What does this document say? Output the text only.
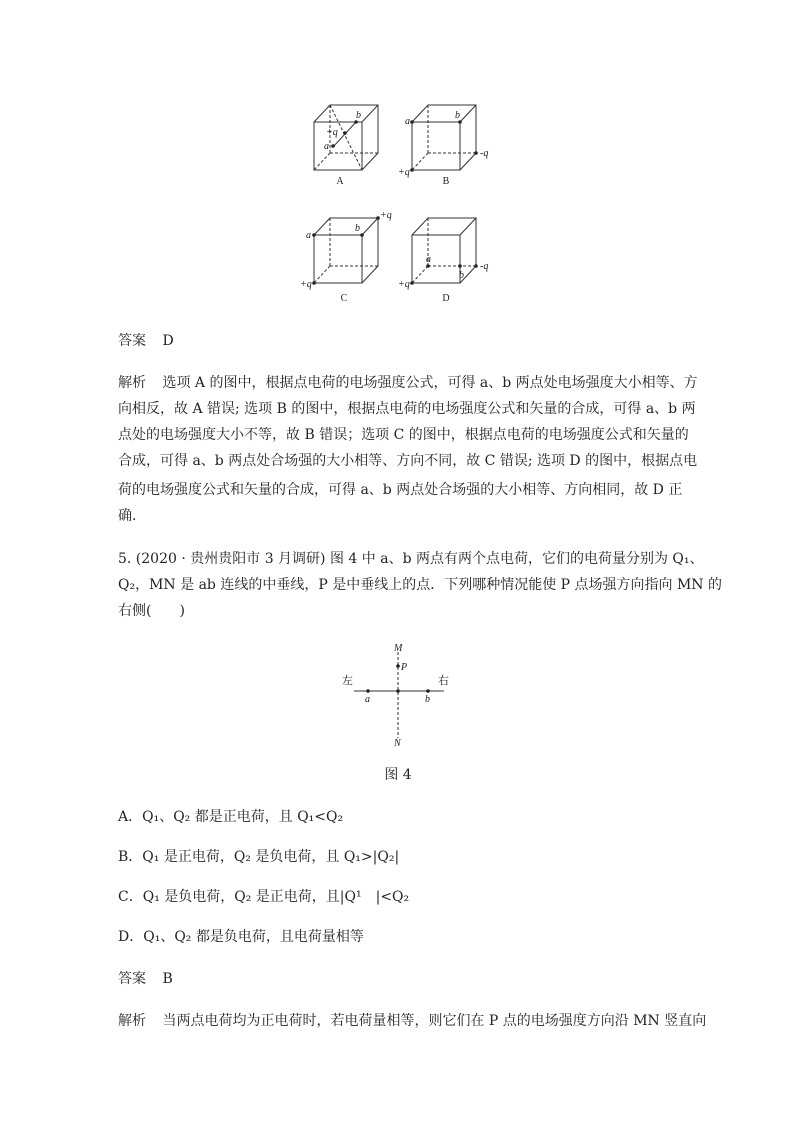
b
+q
a
A
a
b
+q
-q
B
+q
a
b
+q
C
a
b
+q
-q
D
答案 D
解析 选项 A 的图中，根据点电荷的电场强度公式，可得 a、b 两点处电场强度大小相等、方
向相反，故 A 错误; 选项 B 的图中，根据点电荷的电场强度公式和矢量的合成，可得 a、b 两
点处的电场强度大小不等，故 B 错误；选项 C 的图中，根据点电荷的电场强度公式和矢量的
合成，可得 a、b 两点处合场强的大小相等、方向不同，故 C 错误; 选项 D 的图中，根据点电
荷的电场强度公式和矢量的合成，可得 a、b 两点处合场强的大小相等、方向相同，故 D 正
确.
5. (2020 · 贵州贵阳市 3 月调研) 图 4 中 a、b 两点有两个点电荷，它们的电荷量分别为 Q₁、
Q₂，MN 是 ab 连线的中垂线，P 是中垂线上的点．下列哪种情况能使 P 点场强方向指向 MN 的
右侧(　　)
M
P
a	b
N
左	右
图 4
A．Q₁、Q₂ 都是正电荷，且 Q₁<Q₂
B．Q₁ 是正电荷，Q₂ 是负电荷，且 Q₁>|Q₂|
C．Q₁ 是负电荷，Q₂ 是正电荷，且|Q¹　|<Q₂
D．Q₁、Q₂ 都是负电荷，且电荷量相等
答案 B
解析 当两点电荷均为正电荷时，若电荷量相等，则它们在 P 点的电场强度方向沿 MN 竖直向
